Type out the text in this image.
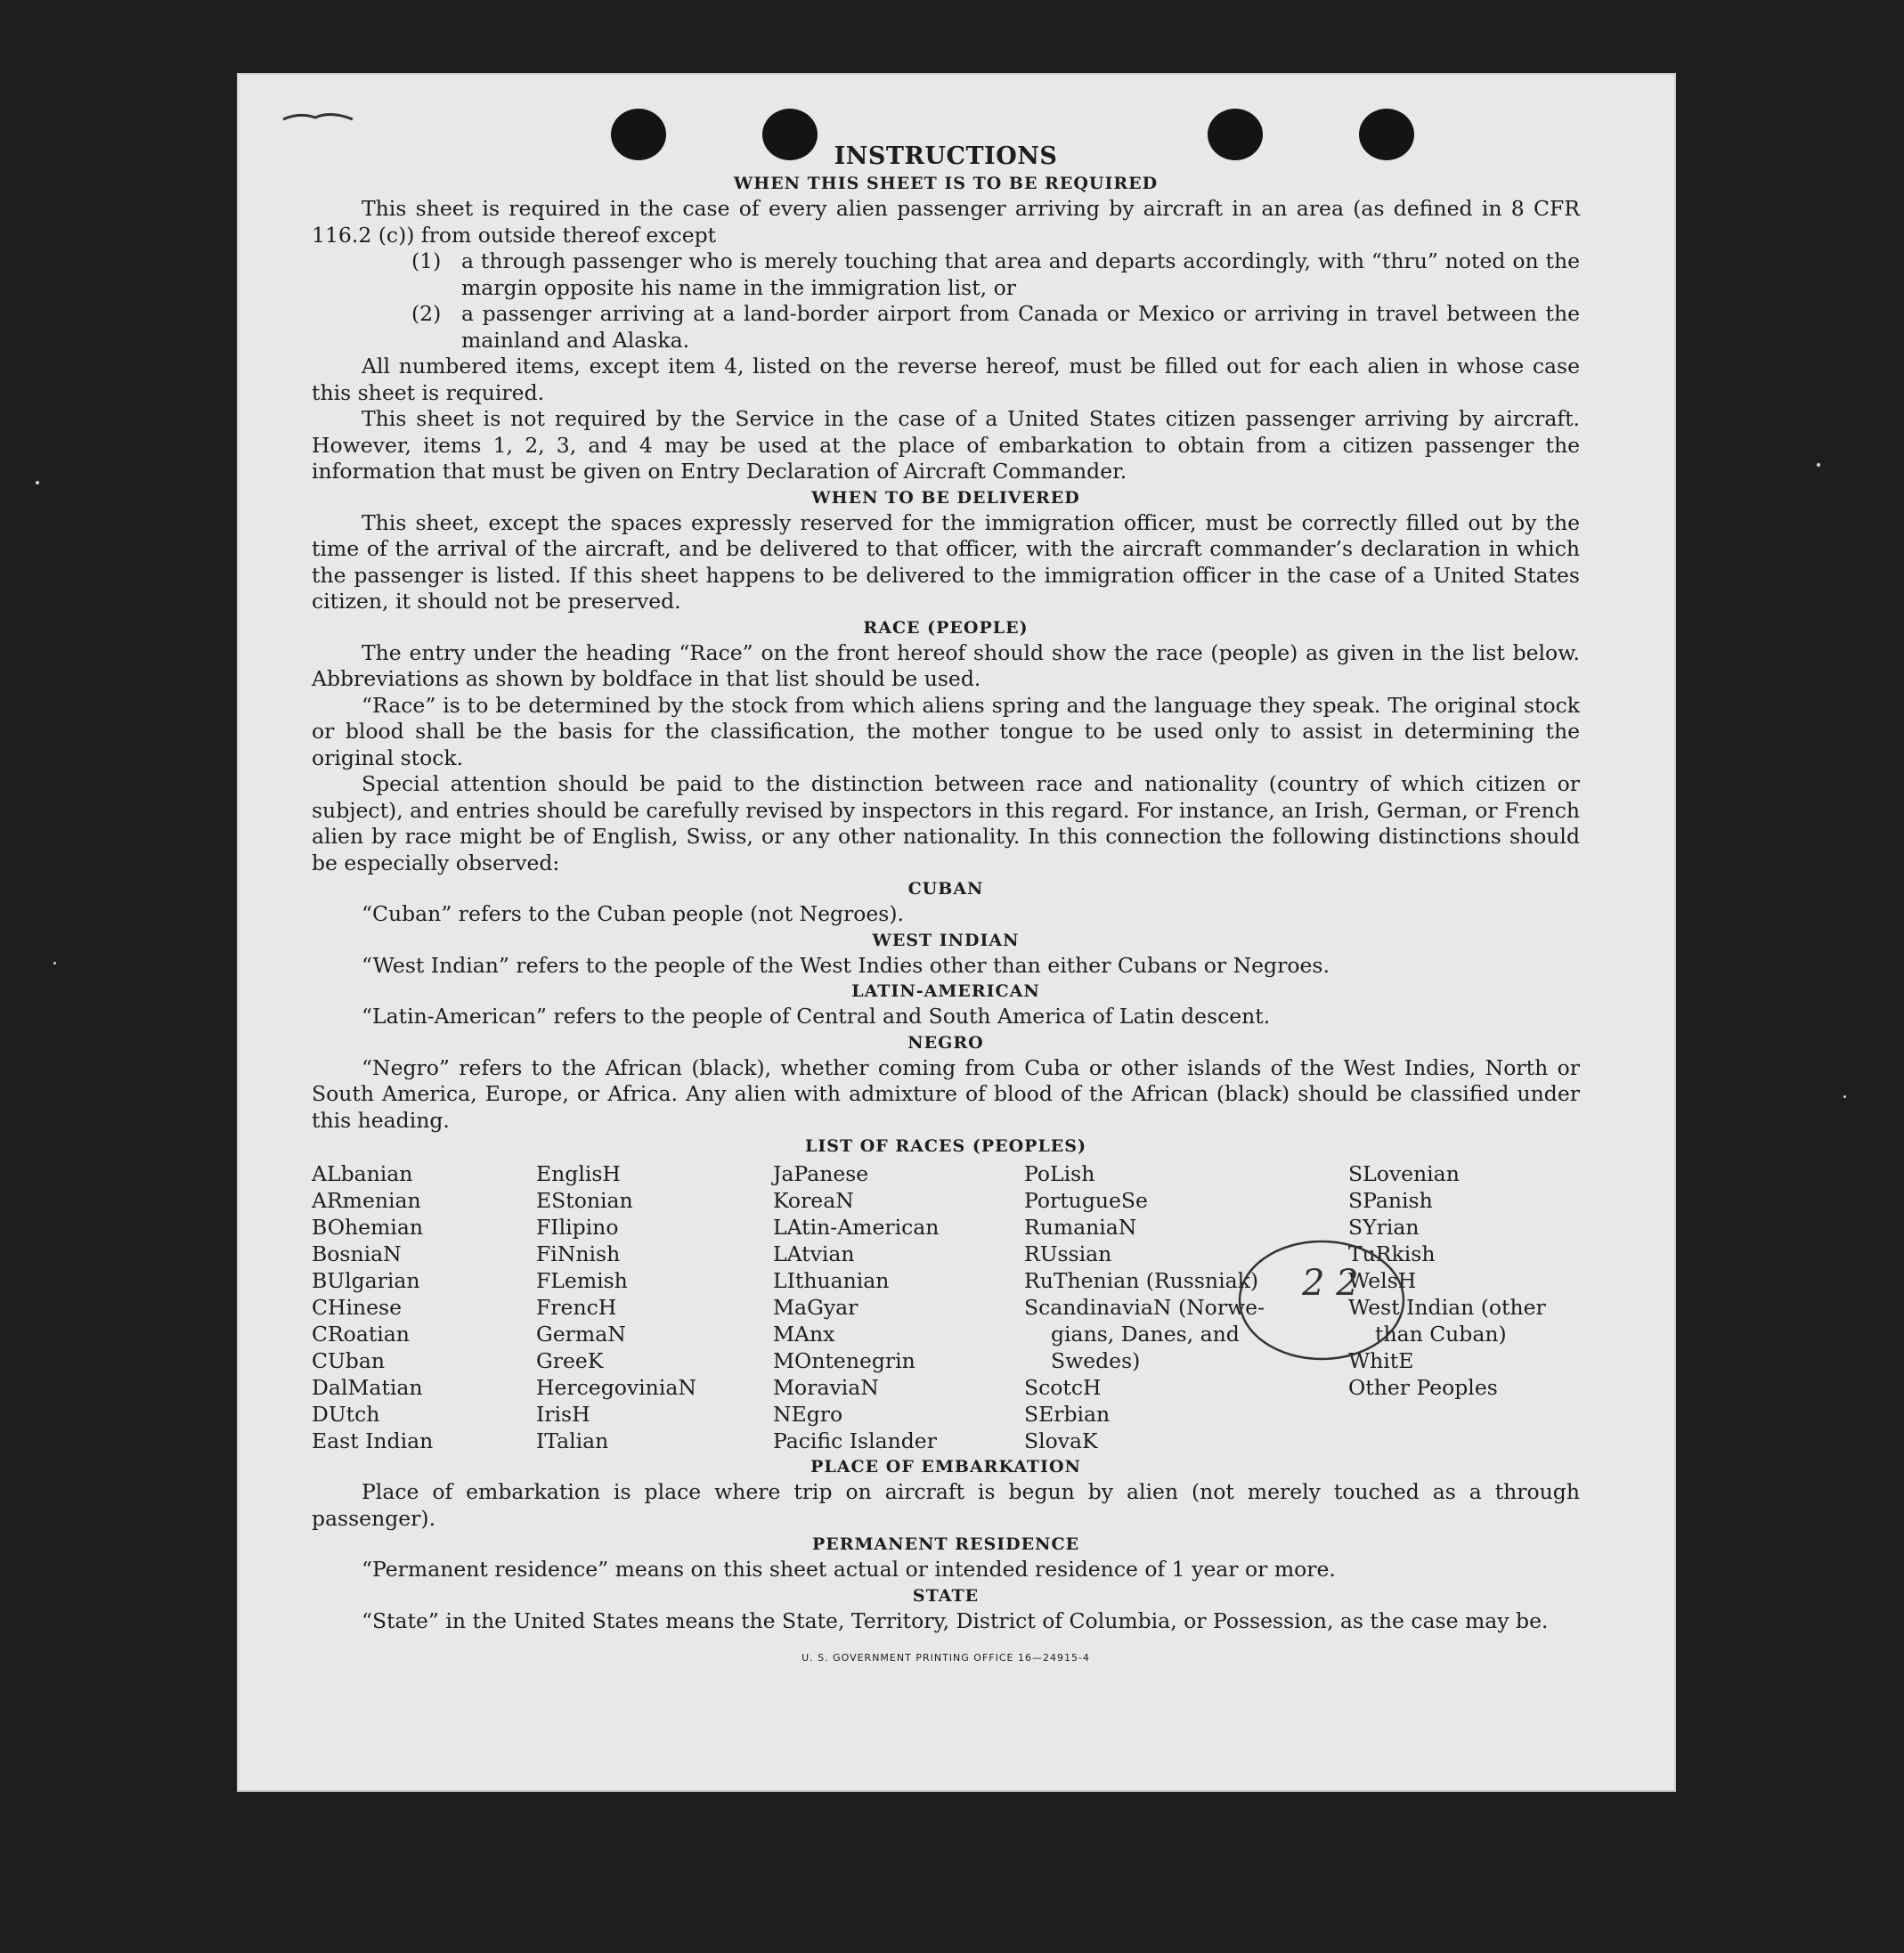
INSTRUCTIONS
WHEN THIS SHEET IS TO BE REQUIRED

This sheet is required in the case of every alien passenger arriving by aircraft in an area (as defined in 8 CFR 116.2 (c)) from outside thereof except

(1) a through passenger who is merely touching that area and departs accordingly, with “thru” noted on the margin opposite his name in the immigration list, or
(2) a passenger arriving at a land-border airport from Canada or Mexico or arriving in travel between the mainland and Alaska.

All numbered items, except item 4, listed on the reverse hereof, must be filled out for each alien in whose case this sheet is required.

This sheet is not required by the Service in the case of a United States citizen passenger arriving by aircraft. However, items 1, 2, 3, and 4 may be used at the place of embarkation to obtain from a citizen passenger the information that must be given on Entry Declaration of Aircraft Commander.

WHEN TO BE DELIVERED

This sheet, except the spaces expressly reserved for the immigration officer, must be correctly filled out by the time of the arrival of the aircraft, and be delivered to that officer, with the aircraft commander’s declaration in which the passenger is listed. If this sheet happens to be delivered to the immigration officer in the case of a United States citizen, it should not be preserved.

RACE (PEOPLE)

The entry under the heading “Race” on the front hereof should show the race (people) as given in the list below. Abbreviations as shown by boldface in that list should be used.

“Race” is to be determined by the stock from which aliens spring and the language they speak. The original stock or blood shall be the basis for the classification, the mother tongue to be used only to assist in determining the original stock.

Special attention should be paid to the distinction between race and nationality (country of which citizen or subject), and entries should be carefully revised by inspectors in this regard. For instance, an Irish, German, or French alien by race might be of English, Swiss, or any other nationality. In this connection the following distinctions should be especially observed:

CUBAN

“Cuban” refers to the Cuban people (not Negroes).

WEST INDIAN

“West Indian” refers to the people of the West Indies other than either Cubans or Negroes.

LATIN-AMERICAN

“Latin-American” refers to the people of Central and South America of Latin descent.

NEGRO

“Negro” refers to the African (black), whether coming from Cuba or other islands of the West Indies, North or South America, Europe, or Africa. Any alien with admixture of blood of the African (black) should be classified under this heading.

LIST OF RACES (PEOPLES)
ALbanian
ARmenian
BOhemian
BosniaN
BUlgarian
CHinese
CRoatian
CUban
DalMatian
DUtch
East Indian
EnglisH
EStonian
FIlipino
FiNnish
FLemish
FrencH
GermaN
GreeK
HercegoviniaN
IrisH
ITalian
JaPanese
KoreaN
LAtin-American
LAtvian
LIthuanian
MaGyar
MAnx
MOntenegrin
MoraviaN
NEgro
Pacific Islander
PoLish
PortugueSe
RumaniaN
RUssian
RuThenian (Russniak)
ScandinaviaN (Norwe-
gians, Danes, and
Swedes)
ScotcH
SErbian
SlovaK
SLovenian
SPanish
SYrian
TuRkish
WelsH
West Indian (other
than Cuban)
WhitE
Other Peoples
PLACE OF EMBARKATION

Place of embarkation is place where trip on aircraft is begun by alien (not merely touched as a through passenger).

PERMANENT RESIDENCE

“Permanent residence” means on this sheet actual or intended residence of 1 year or more.

STATE

“State” in the United States means the State, Territory, District of Columbia, or Possession, as the case may be.

U. S. GOVERNMENT PRINTING OFFICE 16—24915-4
2 2
